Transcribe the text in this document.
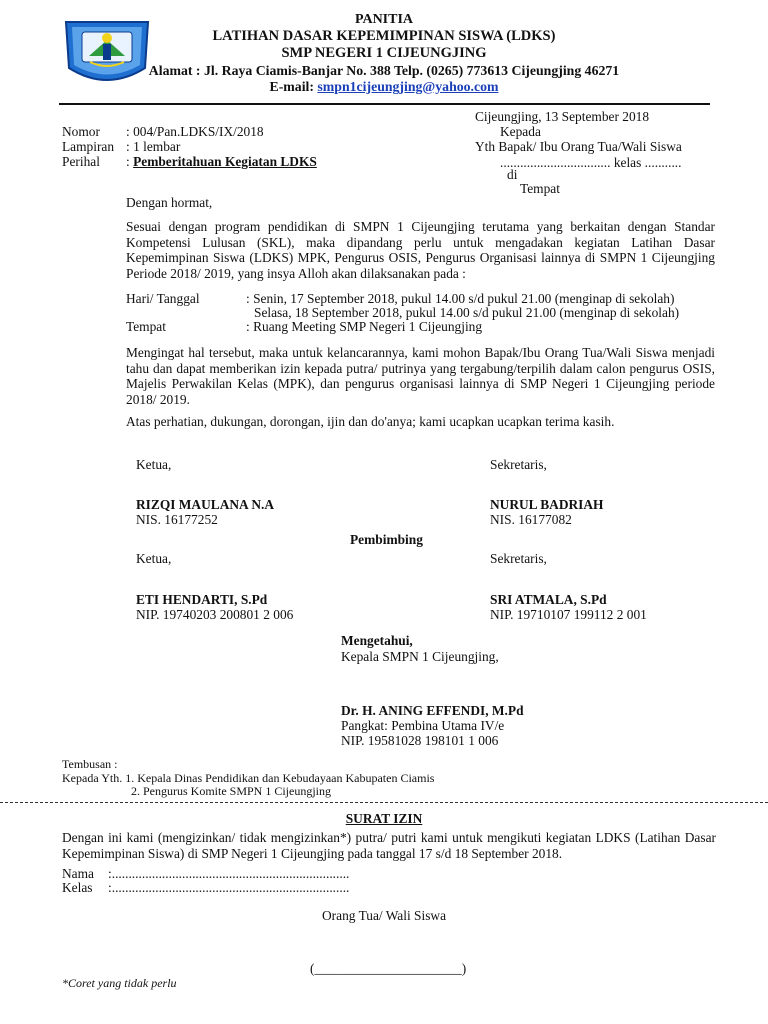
PANITIA
LATIHAN DASAR KEPEMIMPINAN SISWA (LDKS)
SMP NEGERI 1 CIJEUNGJING
Alamat : Jl. Raya Ciamis-Banjar No. 388 Telp. (0265) 773613 Cijeungjing 46271
E-mail: smpn1cijeungjing@yahoo.com
Cijeungjing, 13 September 2018
Nomor : 004/Pan.LDKS/IX/2018
Lampiran : 1 lembar
Perihal : Pemberitahuan Kegiatan LDKS
Kepada
Yth Bapak/ Ibu Orang Tua/Wali Siswa
................................. kelas ...........
di
Tempat
Dengan hormat,
Sesuai dengan program pendidikan di SMPN 1 Cijeungjing terutama yang berkaitan dengan Standar Kompetensi Lulusan (SKL), maka dipandang perlu untuk mengadakan kegiatan Latihan Dasar Kepemimpinan Siswa (LDKS) MPK, Pengurus OSIS, Pengurus Organisasi lainnya di SMPN 1 Cijeungjing Periode 2018/ 2019, yang insya Alloh akan dilaksanakan pada :
Hari/ Tanggal	: Senin, 17 September 2018, pukul 14.00 s/d pukul 21.00 (menginap di sekolah)
Selasa, 18 September 2018, pukul 14.00 s/d pukul 21.00 (menginap di sekolah)
Tempat	: Ruang Meeting SMP Negeri 1 Cijeungjing
Mengingat hal tersebut, maka untuk kelancarannya, kami mohon Bapak/Ibu Orang Tua/Wali Siswa menjadi tahu dan dapat memberikan izin kepada putra/ putrinya yang tergabung/terpilih dalam calon pengurus OSIS, Majelis Perwakilan Kelas (MPK), dan pengurus organisasi lainnya di SMP Negeri 1 Cijeungjing periode 2018/ 2019.
Atas perhatian, dukungan, dorongan, ijin dan do'anya; kami ucapkan ucapkan terima kasih.
Ketua,	Sekretaris,
RIZQI MAULANA N.A
NIS. 16177252
NURUL BADRIAH
NIS. 16177082
Pembimbing
Ketua,	Sekretaris,
ETI HENDARTI, S.Pd
NIP. 19740203 200801 2 006
SRI ATMALA, S.Pd
NIP. 19710107 199112 2 001
Mengetahui,
Kepala SMPN 1 Cijeungjing,
Dr. H. ANING EFFENDI, M.Pd
Pangkat: Pembina Utama IV/e
NIP. 19581028 198101 1 006
Tembusan :
Kepada Yth. 1. Kepala Dinas Pendidikan dan Kebudayaan Kabupaten Ciamis
2. Pengurus Komite SMPN 1 Cijeungjing
SURAT IZIN
Dengan ini kami (mengizinkan/ tidak mengizinkan*) putra/ putri kami untuk mengikuti kegiatan LDKS (Latihan Dasar Kepemimpinan Siswa) di SMP Negeri 1 Cijeungjing pada tanggal 17 s/d 18 September 2018.
Nama :.......................................................................
Kelas :.......................................................................
Orang Tua/ Wali Siswa
(______________________)
*Coret yang tidak perlu
